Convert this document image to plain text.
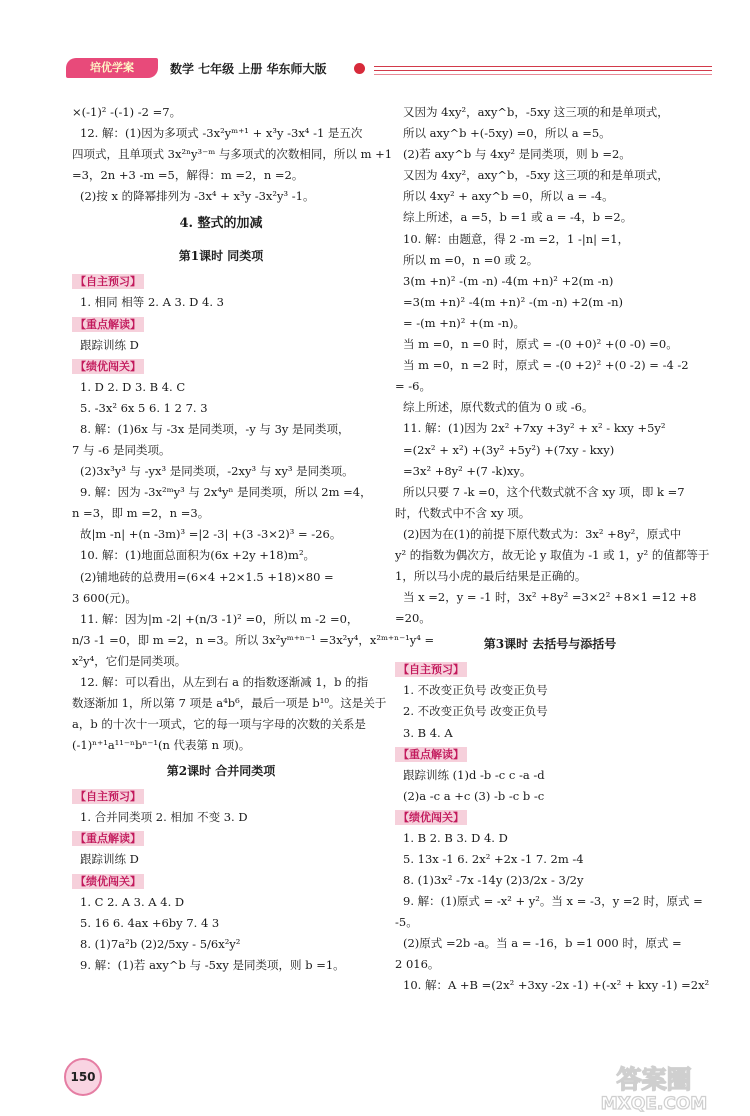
培优学案	数学 七年级 上册 华东师大版
×(-1)² -(-1) -2 =7。
12. 解：(1)因为多项式 -3x²yᵐ⁺¹ + x³y -3x⁴ -1 是五次
四项式，且单项式 3x²ⁿy³⁻ᵐ 与多项式的次数相同，所以 m +1
=3，2n +3 -m =5，解得：m =2，n =2。
(2)按 x 的降幂排列为 -3x⁴ + x³y -3x²y³ -1。
4. 整式的加减
第1课时 同类项
【自主预习】
1. 相同 相等 2. A 3. D 4. 3
【重点解读】
跟踪训练 D
【绩优闯关】
1. D 2. D 3. B 4. C
5. -3x² 6x 5 6. 1 2 7. 3
8. 解：(1)6x 与 -3x 是同类项，-y 与 3y 是同类项，
7 与 -6 是同类项。
(2)3x³y³ 与 -yx³ 是同类项，-2xy³ 与 xy³ 是同类项。
9. 解：因为 -3x²ᵐy³ 与 2x⁴yⁿ 是同类项，所以 2m =4，
n =3，即 m =2，n =3。
故|m -n| +(n -3m)³ =|2 -3| +(3 -3×2)³ = -26。
10. 解：(1)地面总面积为(6x +2y +18)m²。
(2)铺地砖的总费用=(6×4 +2×1.5 +18)×80 =
3 600(元)。
11. 解：因为|m -2| +(n/3 -1)² =0，所以 m -2 =0，
n/3 -1 =0，即 m =2，n =3。所以 3x²yᵐ⁺ⁿ⁻¹ =3x²y⁴，x²ᵐ⁺ⁿ⁻¹y⁴ =
x²y⁴，它们是同类项。
12. 解：可以看出，从左到右 a 的指数逐渐减 1，b 的指
数逐渐加 1，所以第 7 项是 a⁴b⁶，最后一项是 b¹⁰。这是关于
a，b 的十次十一项式，它的每一项与字母的次数的关系是
(-1)ⁿ⁺¹a¹¹⁻ⁿbⁿ⁻¹(n 代表第 n 项)。
第2课时 合并同类项
【自主预习】
1. 合并同类项 2. 相加 不变 3. D
【重点解读】
跟踪训练 D
【绩优闯关】
1. C 2. A 3. A 4. D
5. 16 6. 4ax +6by 7. 4 3
8. (1)7a²b (2)2/5xy - 5/6x²y²
9. 解：(1)若 axy^b 与 -5xy 是同类项，则 b =1。
又因为 4xy²，axy^b，-5xy 这三项的和是单项式，
所以 axy^b +(-5xy) =0，所以 a =5。
(2)若 axy^b 与 4xy² 是同类项，则 b =2。
又因为 4xy²，axy^b，-5xy 这三项的和是单项式，
所以 4xy² + axy^b =0，所以 a = -4。
综上所述，a =5，b =1 或 a = -4，b =2。
10. 解：由题意，得 2 -m =2，1 -|n| =1，
所以 m =0，n =0 或 2。
3(m +n)² -(m -n) -4(m +n)² +2(m -n)
=3(m +n)² -4(m +n)² -(m -n) +2(m -n)
= -(m +n)² +(m -n)。
当 m =0，n =0 时，原式 = -(0 +0)² +(0 -0) =0。
当 m =0，n =2 时，原式 = -(0 +2)² +(0 -2) = -4 -2
= -6。
综上所述，原代数式的值为 0 或 -6。
11. 解：(1)因为 2x² +7xy +3y² + x² - kxy +5y²
=(2x² + x²) +(3y² +5y²) +(7xy - kxy)
=3x² +8y² +(7 -k)xy。
所以只要 7 -k =0，这个代数式就不含 xy 项，即 k =7
时，代数式中不含 xy 项。
(2)因为在(1)的前提下原代数式为：3x² +8y²，原式中
y² 的指数为偶次方，故无论 y 取值为 -1 或 1，y² 的值都等于
1，所以马小虎的最后结果是正确的。
当 x =2，y = -1 时，3x² +8y² =3×2² +8×1 =12 +8
=20。
第3课时 去括号与添括号
【自主预习】
1. 不改变正负号 改变正负号
2. 不改变正负号 改变正负号
3. B 4. A
【重点解读】
跟踪训练 (1)d -b -c c -a -d
(2)a -c a +c (3) -b -c b -c
【绩优闯关】
1. B 2. B 3. D 4. D
5. 13x -1 6. 2x² +2x -1 7. 2m -4
8. (1)3x² -7x -14y (2)3/2x - 3/2y
9. 解：(1)原式 = -x² + y²。当 x = -3，y =2 时，原式 =
-5。
(2)原式 =2b -a。当 a = -16，b =1 000 时，原式 =
2 016。
10. 解：A +B =(2x² +3xy -2x -1) +(-x² + kxy -1) =2x²
150	答案圈
MXQE.COM
